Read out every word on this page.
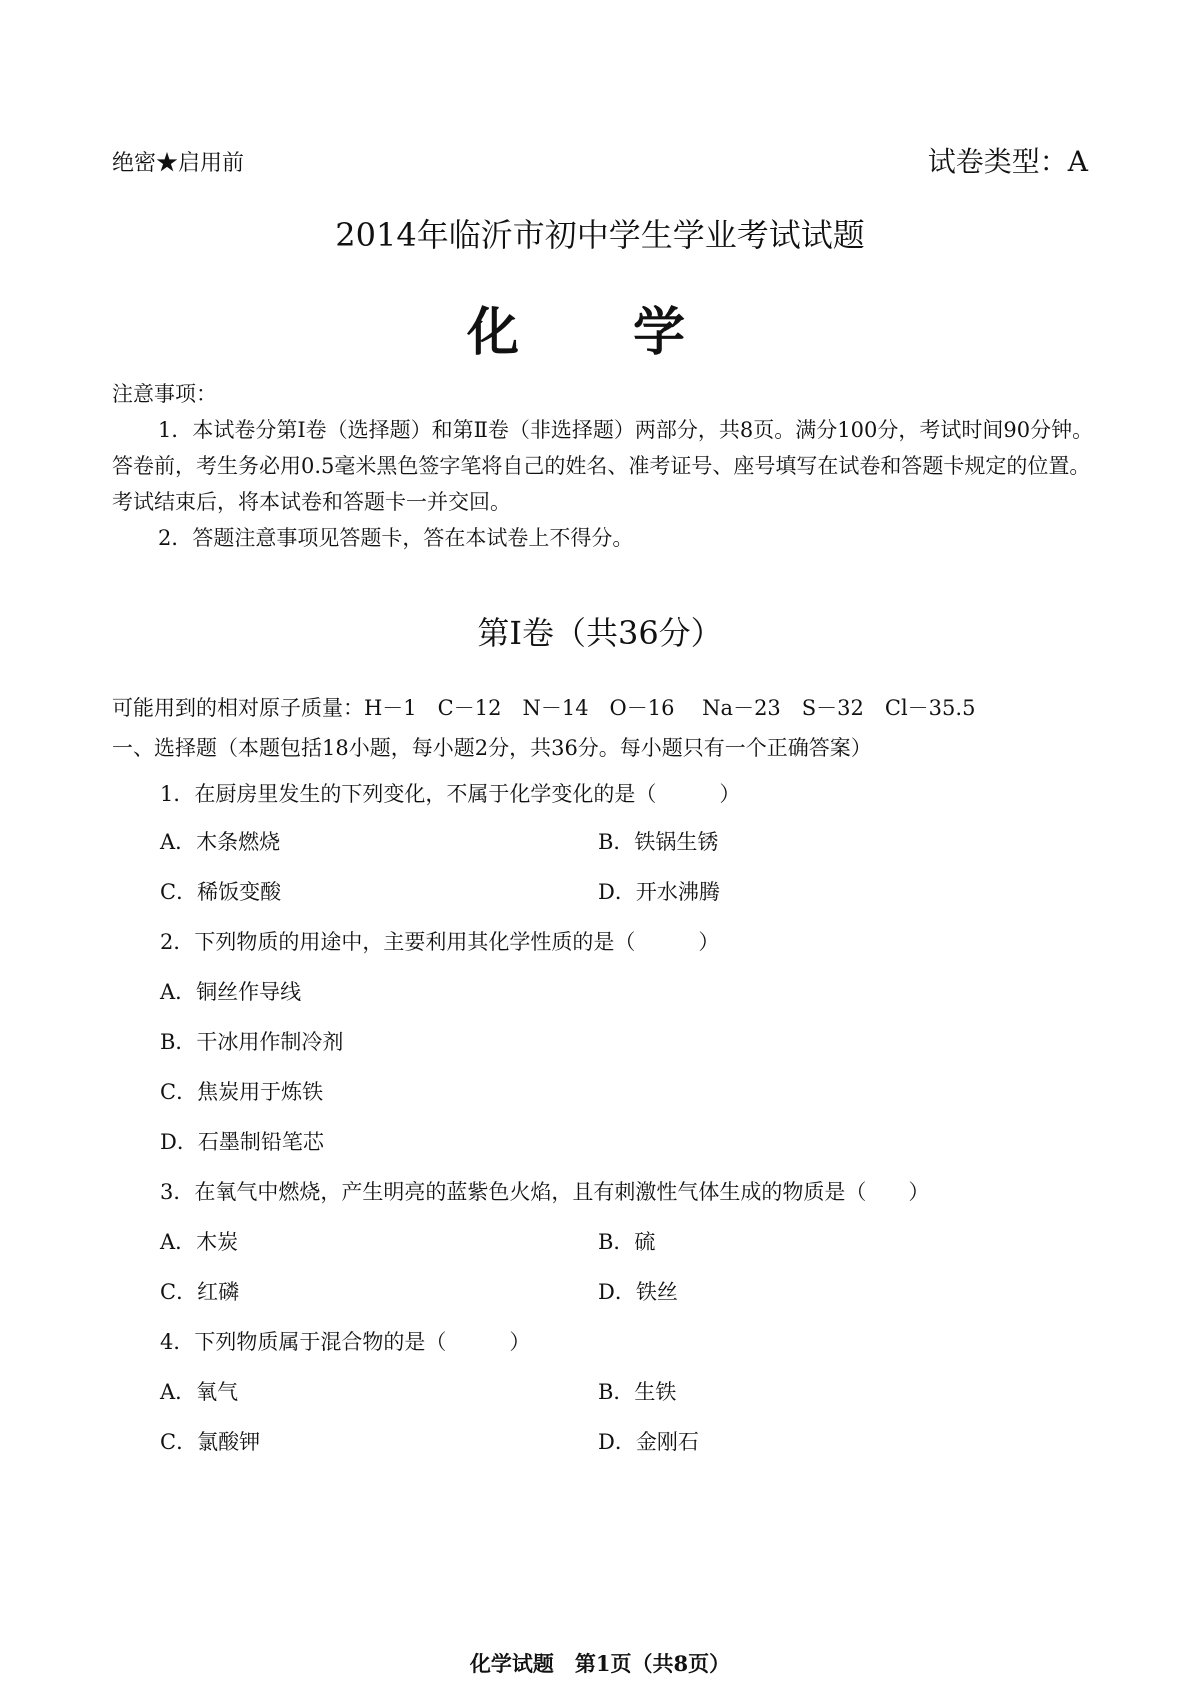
绝密★启用前	试卷类型：A
2014年临沂市初中学生学业考试试题
化 学

注意事项：

1．本试卷分第Ⅰ卷（选择题）和第Ⅱ卷（非选择题）两部分，共8页。满分100分，考试时间90分钟。答卷前，考生务必用0.5毫米黑色签字笔将自己的姓名、准考证号、座号填写在试卷和答题卡规定的位置。考试结束后，将本试卷和答题卡一并交回。

2．答题注意事项见答题卡，答在本试卷上不得分。

第Ⅰ卷（共36分）
可能用到的相对原子质量：H－1　C－12　N－14　O－16　 Na－23　S－32　Cl－35.5
一、选择题（本题包括18小题，每小题2分，共36分。每小题只有一个正确答案）
1．在厨房里发生的下列变化，不属于化学变化的是（　　　）
A．木条燃烧	B．铁锅生锈
C．稀饭变酸	D．开水沸腾
2．下列物质的用途中，主要利用其化学性质的是（　　　）
A．铜丝作导线
B．干冰用作制冷剂
C．焦炭用于炼铁
D．石墨制铅笔芯
3．在氧气中燃烧，产生明亮的蓝紫色火焰，且有刺激性气体生成的物质是（　　）
A．木炭	B．硫
C．红磷	D．铁丝
4．下列物质属于混合物的是（　　　）
A．氧气	B．生铁
C．氯酸钾	D．金刚石
化学试题　第1页（共8页）
